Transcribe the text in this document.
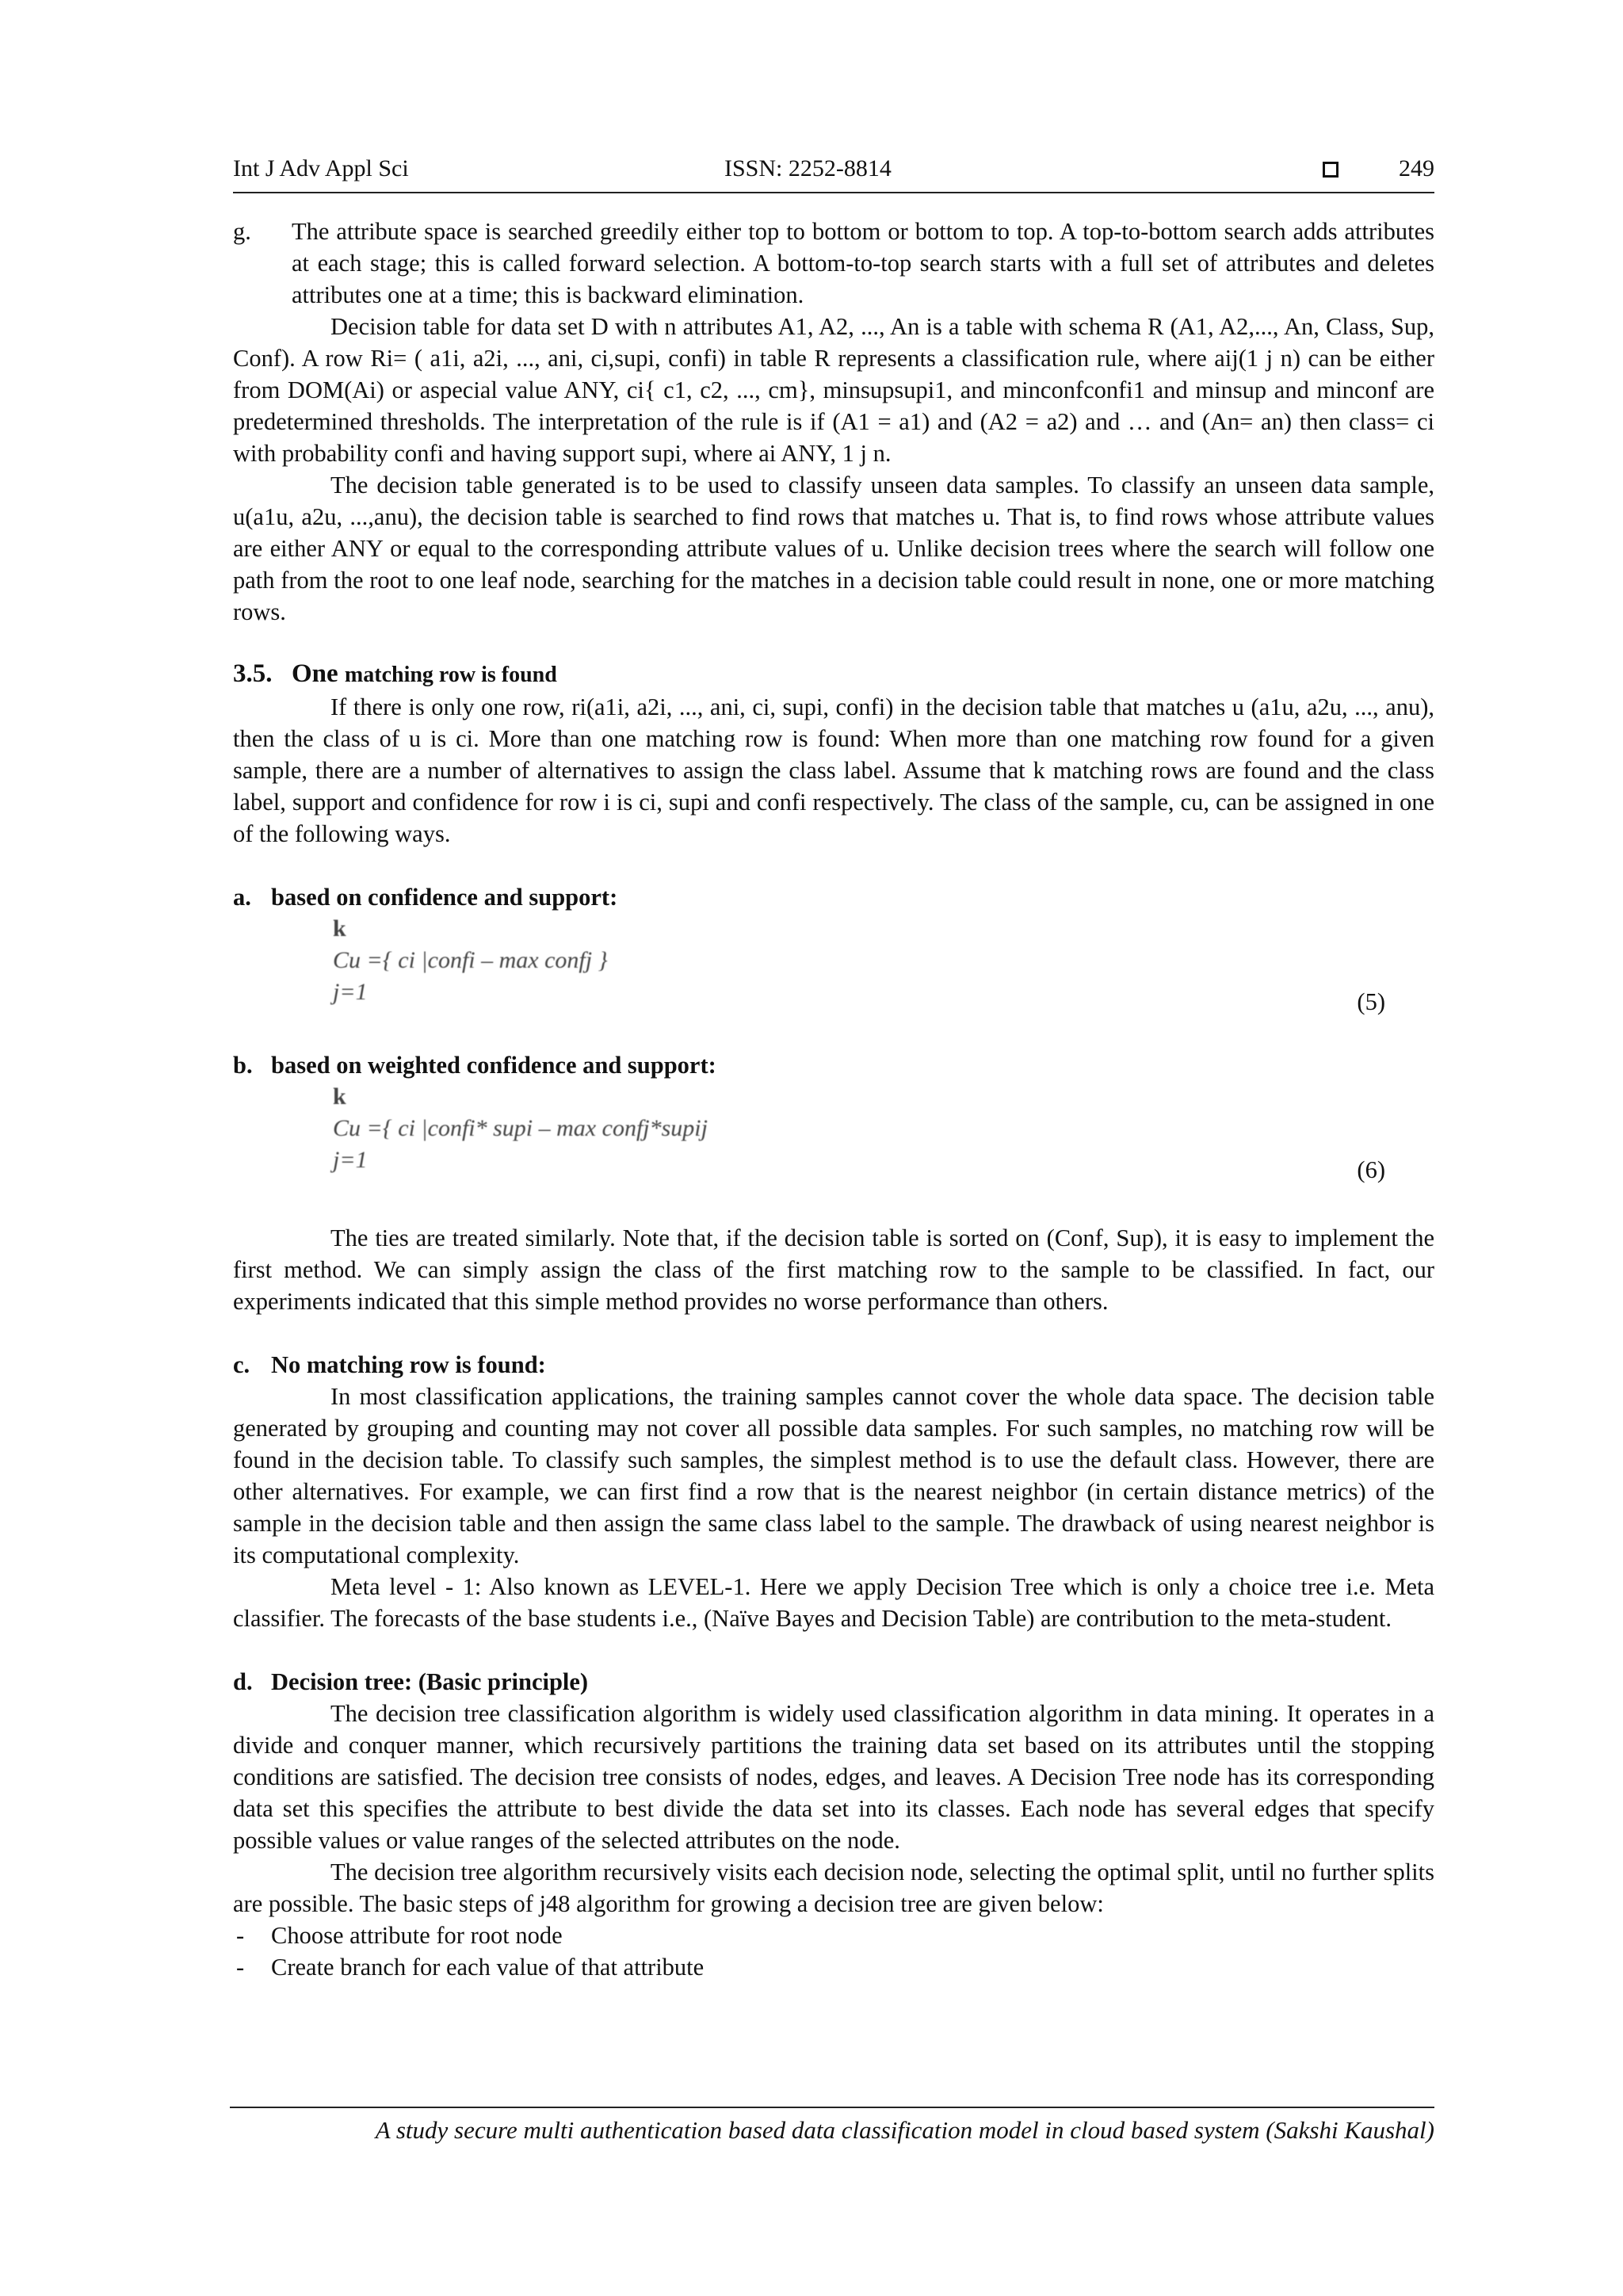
Int J Adv Appl Sci	ISSN: 2252-8814	249

g. The attribute space is searched greedily either top to bottom or bottom to top. A top-to-bottom search adds attributes at each stage; this is called forward selection. A bottom-to-top search starts with a full set of attributes and deletes attributes one at a time; this is backward elimination.

Decision table for data set D with n attributes A1, A2, ..., An is a table with schema R (A1, A2,..., An, Class, Sup, Conf). A row Ri= ( a1i, a2i, ..., ani, ci,supi, confi) in table R represents a classification rule, where aij(1 j n) can be either from DOM(Ai) or aspecial value ANY, ci{ c1, c2, ..., cm}, minsupsupi1, and minconfconfi1 and minsup and minconf are predetermined thresholds. The interpretation of the rule is if (A1 = a1) and (A2 = a2) and … and (An= an) then class= ci with probability confi and having support supi, where ai ANY, 1 j n.

The decision table generated is to be used to classify unseen data samples. To classify an unseen data sample, u(a1u, a2u, ...,anu), the decision table is searched to find rows that matches u. That is, to find rows whose attribute values are either ANY or equal to the corresponding attribute values of u. Unlike decision trees where the search will follow one path from the root to one leaf node, searching for the matches in a decision table could result in none, one or more matching rows.

3.5. One matching row is found

If there is only one row, ri(a1i, a2i, ..., ani, ci, supi, confi) in the decision table that matches u (a1u, a2u, ..., anu), then the class of u is ci. More than one matching row is found: When more than one matching row found for a given sample, there are a number of alternatives to assign the class label. Assume that k matching rows are found and the class label, support and confidence for row i is ci, supi and confi respectively. The class of the sample, cu, can be assigned in one of the following ways.

a. based on confidence and support:

k
Cu ={ ci |confi – max confj }
j=1	(5)

b. based on weighted confidence and support:

k
Cu ={ ci |confi* supi – max confj*supij
j=1	(6)

The ties are treated similarly. Note that, if the decision table is sorted on (Conf, Sup), it is easy to implement the first method. We can simply assign the class of the first matching row to the sample to be classified. In fact, our experiments indicated that this simple method provides no worse performance than others.

c. No matching row is found:

In most classification applications, the training samples cannot cover the whole data space. The decision table generated by grouping and counting may not cover all possible data samples. For such samples, no matching row will be found in the decision table. To classify such samples, the simplest method is to use the default class. However, there are other alternatives. For example, we can first find a row that is the nearest neighbor (in certain distance metrics) of the sample in the decision table and then assign the same class label to the sample. The drawback of using nearest neighbor is its computational complexity.

Meta level - 1: Also known as LEVEL-1. Here we apply Decision Tree which is only a choice tree i.e. Meta classifier. The forecasts of the base students i.e., (Naïve Bayes and Decision Table) are contribution to the meta-student.

d. Decision tree: (Basic principle)

The decision tree classification algorithm is widely used classification algorithm in data mining. It operates in a divide and conquer manner, which recursively partitions the training data set based on its attributes until the stopping conditions are satisfied. The decision tree consists of nodes, edges, and leaves. A Decision Tree node has its corresponding data set this specifies the attribute to best divide the data set into its classes. Each node has several edges that specify possible values or value ranges of the selected attributes on the node.

The decision tree algorithm recursively visits each decision node, selecting the optimal split, until no further splits are possible. The basic steps of j48 algorithm for growing a decision tree are given below:

- Choose attribute for root node

- Create branch for each value of that attribute

A study secure multi authentication based data classification model in cloud based system (Sakshi Kaushal)
